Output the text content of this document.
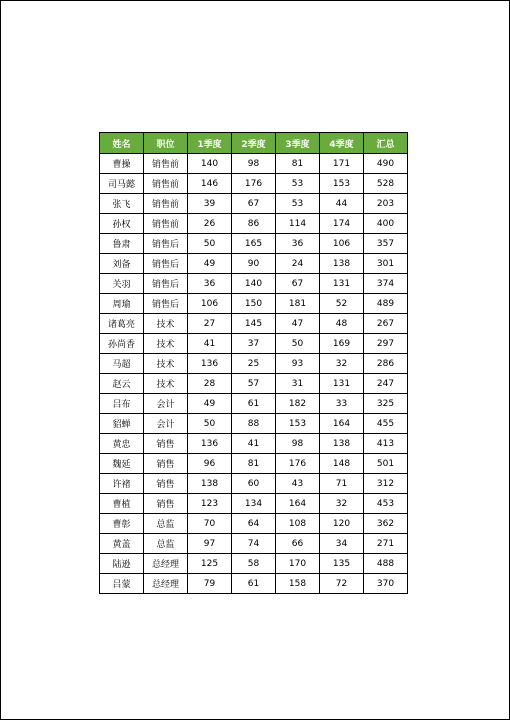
姓名	职位	1季度	2季度	3季度	4季度	汇总
曹操	销售前	140	98	81	171	490
司马懿	销售前	146	176	53	153	528
张飞	销售前	39	67	53	44	203
孙权	销售前	26	86	114	174	400
鲁肃	销售后	50	165	36	106	357
刘备	销售后	49	90	24	138	301
关羽	销售后	36	140	67	131	374
周瑜	销售后	106	150	181	52	489
诸葛亮	技术	27	145	47	48	267
孙尚香	技术	41	37	50	169	297
马超	技术	136	25	93	32	286
赵云	技术	28	57	31	131	247
吕布	会计	49	61	182	33	325
貂蝉	会计	50	88	153	164	455
黄忠	销售	136	41	98	138	413
魏延	销售	96	81	176	148	501
许褚	销售	138	60	43	71	312
曹植	销售	123	134	164	32	453
曹彰	总监	70	64	108	120	362
黄盖	总监	97	74	66	34	271
陆逊	总经理	125	58	170	135	488
吕蒙	总经理	79	61	158	72	370
